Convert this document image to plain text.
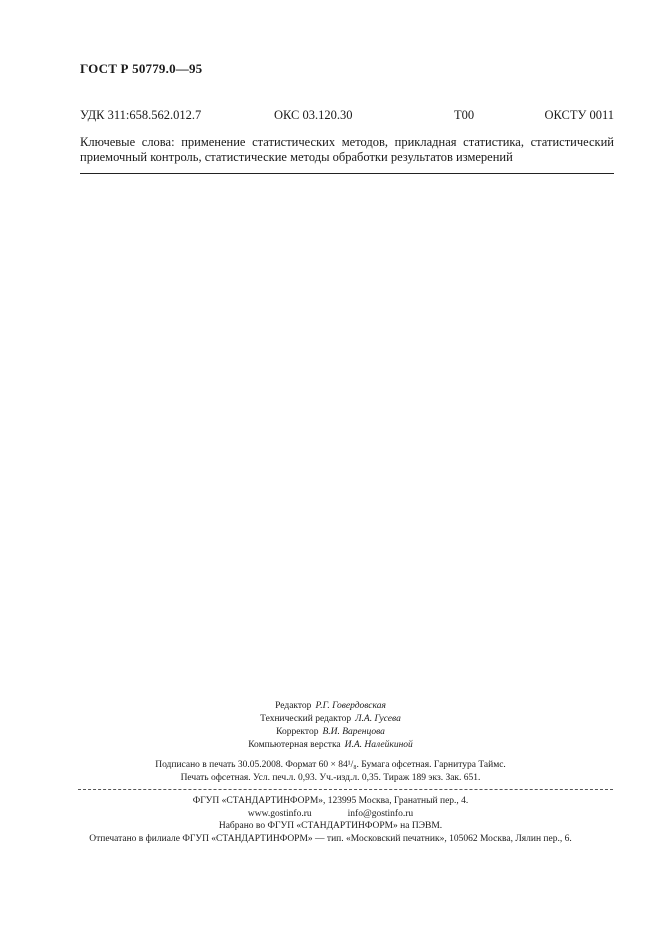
ГОСТ Р 50779.0—95
УДК 311:658.562.012.7	ОКС 03.120.30	Т00	ОКСТУ 0011
Ключевые слова: применение статистических методов, прикладная статистика, статистический приемочный контроль, статистические методы обработки результатов измерений
Редактор Р.Г. Говердовская
Технический редактор Л.А. Гусева
Корректор В.И. Варенцова
Компьютерная верстка И.А. Налейкиной
Подписано в печать 30.05.2008. Формат 60 × 84¹/₈. Бумага офсетная. Гарнитура Таймс.
Печать офсетная. Усл. печ.л. 0,93. Уч.-изд.л. 0,35. Тираж 189 экз. Зак. 651.
ФГУП «СТАНДАРТИНФОРМ», 123995 Москва, Гранатный пер., 4.
www.gostinfo.ru	info@gostinfo.ru
Набрано во ФГУП «СТАНДАРТИНФОРМ» на ПЭВМ.
Отпечатано в филиале ФГУП «СТАНДАРТИНФОРМ» — тип. «Московский печатник», 105062 Москва, Лялин пер., 6.
